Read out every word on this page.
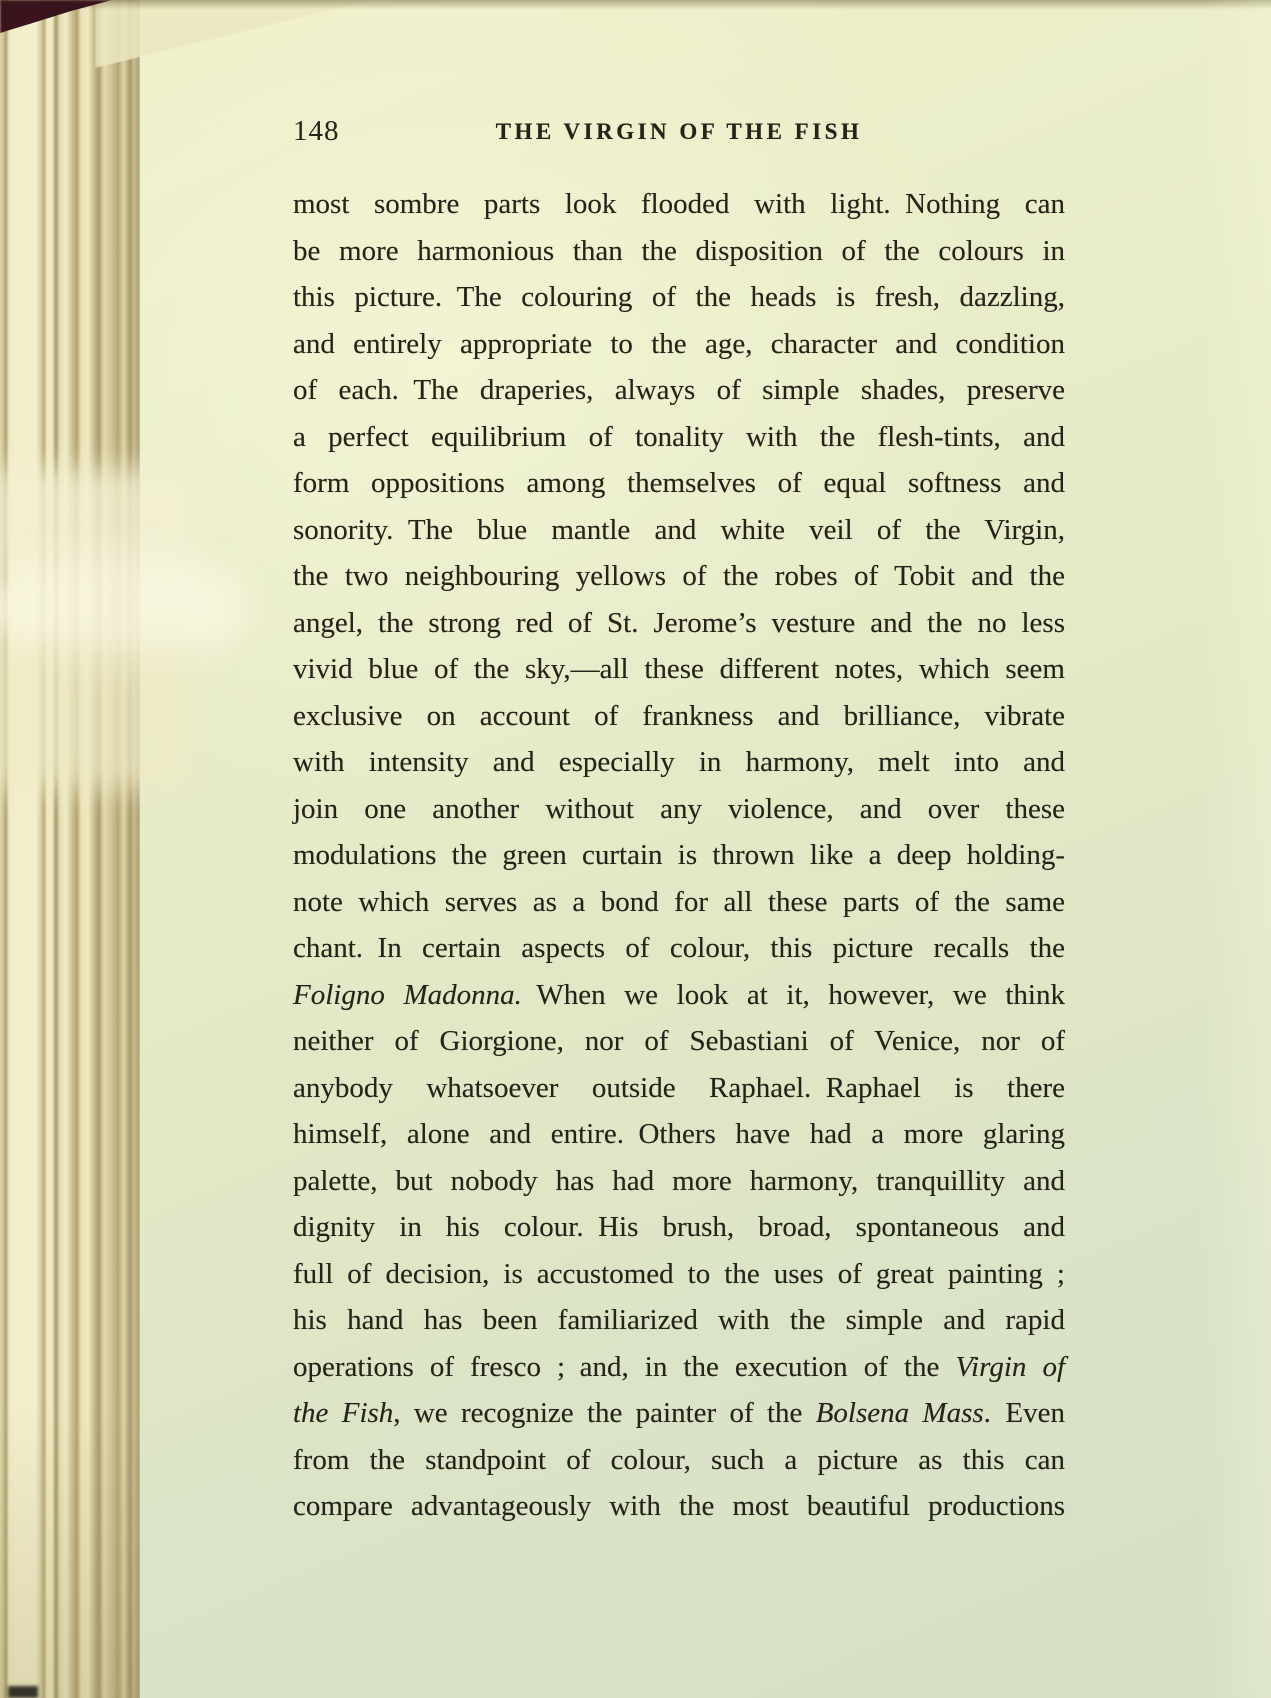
148	THE VIRGIN OF THE FISH
most sombre parts look flooded with light. Nothing can
be more harmonious than the disposition of the colours in
this picture. The colouring of the heads is fresh, dazzling,
and entirely appropriate to the age, character and condition
of each. The draperies, always of simple shades, preserve
a perfect equilibrium of tonality with the flesh-tints, and
form oppositions among themselves of equal softness and
sonority. The blue mantle and white veil of the Virgin,
the two neighbouring yellows of the robes of Tobit and the
angel, the strong red of St. Jerome’s vesture and the no less
vivid blue of the sky,—all these different notes, which seem
exclusive on account of frankness and brilliance, vibrate
with intensity and especially in harmony, melt into and
join one another without any violence, and over these
modulations the green curtain is thrown like a deep holding-
note which serves as a bond for all these parts of the same
chant. In certain aspects of colour, this picture recalls the
Foligno Madonna. When we look at it, however, we think
neither of Giorgione, nor of Sebastiani of Venice, nor of
anybody whatsoever outside Raphael. Raphael is there
himself, alone and entire. Others have had a more glaring
palette, but nobody has had more harmony, tranquillity and
dignity in his colour. His brush, broad, spontaneous and
full of decision, is accustomed to the uses of great painting ;
his hand has been familiarized with the simple and rapid
operations of fresco ; and, in the execution of the Virgin of
the Fish, we recognize the painter of the Bolsena Mass. Even
from the standpoint of colour, such a picture as this can
compare advantageously with the most beautiful productions
